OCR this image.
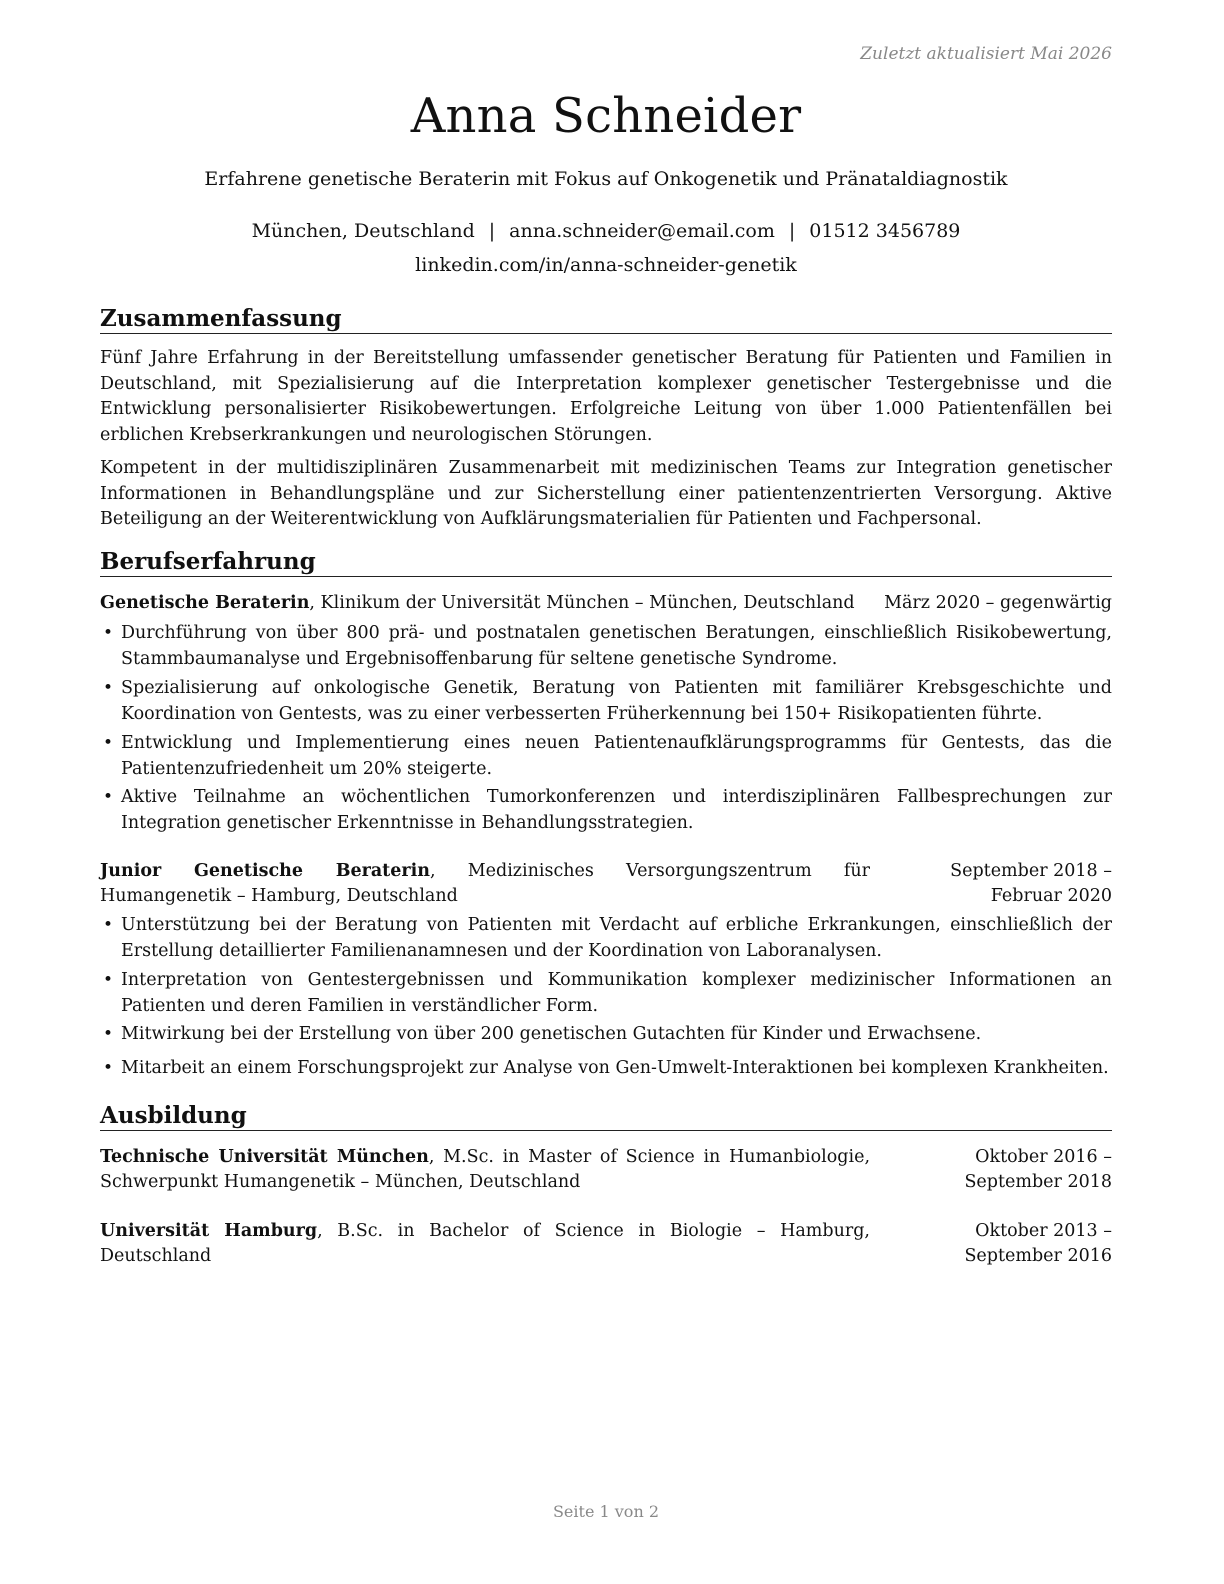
Zuletzt aktualisiert Mai 2026
Anna Schneider
Erfahrene genetische Beraterin mit Fokus auf Onkogenetik und Pränataldiagnostik
München, Deutschland | anna.schneider@email.com | 01512 3456789
linkedin.com/in/anna-schneider-genetik
Zusammenfassung

Fünf Jahre Erfahrung in der Bereitstellung umfassender genetischer Beratung für Patienten und Familien in Deutschland, mit Spezialisierung auf die Interpretation komplexer genetischer Testergebnisse und die Entwicklung personalisierter Risikobewertungen. Erfolgreiche Leitung von über 1.000 Patientenfällen bei erblichen Krebserkrankungen und neurologischen Störungen.

Kompetent in der multidisziplinären Zusammenarbeit mit medizinischen Teams zur Integration genetischer Informationen in Behandlungspläne und zur Sicherstellung einer patientenzentrierten Versorgung. Aktive Beteiligung an der Weiterentwicklung von Aufklärungsmaterialien für Patienten und Fachpersonal.

Berufserfahrung
Genetische Beraterin, Klinikum der Universität München – München, Deutschland	März 2020 – gegenwärtig
• Durchführung von über 800 prä- und postnatalen genetischen Beratungen, einschließlich Risikobewertung, Stammbaumanalyse und Ergebnisoffenbarung für seltene genetische Syndrome.
• Spezialisierung auf onkologische Genetik, Beratung von Patienten mit familiärer Krebsgeschichte und Koordination von Gentests, was zu einer verbesserten Früherkennung bei 150+ Risikopatienten führte.
• Entwicklung und Implementierung eines neuen Patientenaufklärungsprogramms für Gentests, das die Patientenzufriedenheit um 20% steigerte.
• Aktive Teilnahme an wöchentlichen Tumorkonferenzen und interdisziplinären Fallbesprechungen zur Integration genetischer Erkenntnisse in Behandlungsstrategien.
Junior Genetische Beraterin, Medizinisches Versorgungszentrum für Humangenetik – Hamburg, Deutschland
September 2018 – Februar 2020
• Unterstützung bei der Beratung von Patienten mit Verdacht auf erbliche Erkrankungen, einschließlich der Erstellung detaillierter Familienanamnesen und der Koordination von Laboranalysen.
• Interpretation von Gentestergebnissen und Kommunikation komplexer medizinischer Informationen an Patienten und deren Familien in verständlicher Form.
• Mitwirkung bei der Erstellung von über 200 genetischen Gutachten für Kinder und Erwachsene.
• Mitarbeit an einem Forschungsprojekt zur Analyse von Gen-Umwelt-Interaktionen bei komplexen Krankheiten.
Ausbildung
Technische Universität München, M.Sc. in Master of Science in Humanbiologie, Schwerpunkt Humangenetik – München, Deutschland
Oktober 2016 – September 2018
Universität Hamburg, B.Sc. in Bachelor of Science in Biologie – Hamburg, Deutschland
Oktober 2013 – September 2016
Seite 1 von 2
